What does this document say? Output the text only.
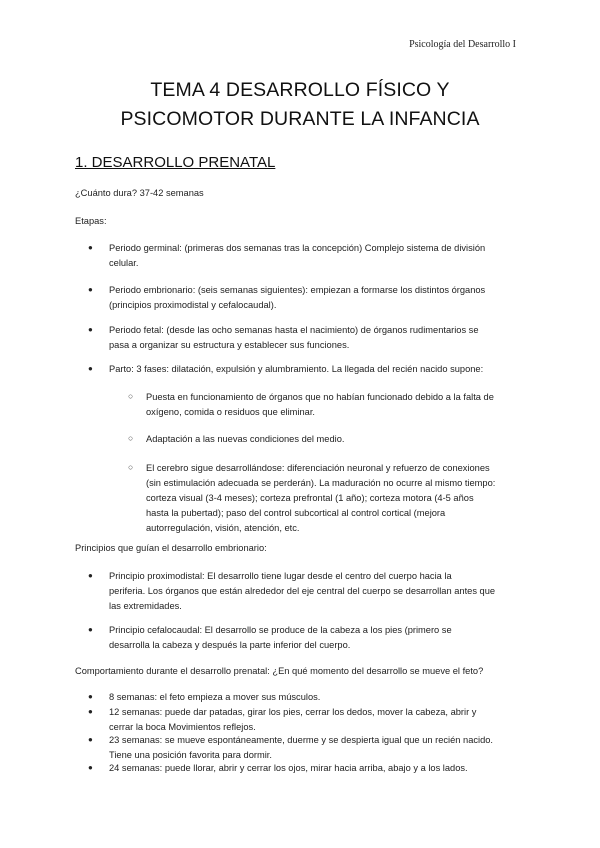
Psicología del Desarrollo I
TEMA 4 DESARROLLO FÍSICO Y
PSICOMOTOR DURANTE LA INFANCIA
1. DESARROLLO PRENATAL
¿Cuánto dura? 37-42 semanas
Etapas:
● Periodo germinal: (primeras dos semanas tras la concepción) Complejo sistema de división
celular.
● Periodo embrionario: (seis semanas siguientes): empiezan a formarse los distintos órganos
(principios proximodistal y cefalocaudal).
● Periodo fetal: (desde las ocho semanas hasta el nacimiento) de órganos rudimentarios se
pasa a organizar su estructura y establecer sus funciones.
● Parto: 3 fases: dilatación, expulsión y alumbramiento. La llegada del recién nacido supone:
○ Puesta en funcionamiento de órganos que no habían funcionado debido a la falta de
oxígeno, comida o residuos que eliminar.
○ Adaptación a las nuevas condiciones del medio.
○ El cerebro sigue desarrollándose: diferenciación neuronal y refuerzo de conexiones
(sin estimulación adecuada se perderán). La maduración no ocurre al mismo tiempo:
corteza visual (3-4 meses); corteza prefrontal (1 año); corteza motora (4-5 años
hasta la pubertad); paso del control subcortical al control cortical (mejora
autorregulación, visión, atención, etc.
Principios que guían el desarrollo embrionario:
● Principio proximodistal: El desarrollo tiene lugar desde el centro del cuerpo hacia la
periferia. Los órganos que están alrededor del eje central del cuerpo se desarrollan antes que
las extremidades.
● Principio cefalocaudal: El desarrollo se produce de la cabeza a los pies (primero se
desarrolla la cabeza y después la parte inferior del cuerpo.
Comportamiento durante el desarrollo prenatal: ¿En qué momento del desarrollo se mueve el feto?
● 8 semanas: el feto empieza a mover sus músculos.
● 12 semanas: puede dar patadas, girar los pies, cerrar los dedos, mover la cabeza, abrir y
cerrar la boca Movimientos reflejos.
● 23 semanas: se mueve espontáneamente, duerme y se despierta igual que un recién nacido.
Tiene una posición favorita para dormir.
● 24 semanas: puede llorar, abrir y cerrar los ojos, mirar hacia arriba, abajo y a los lados.
